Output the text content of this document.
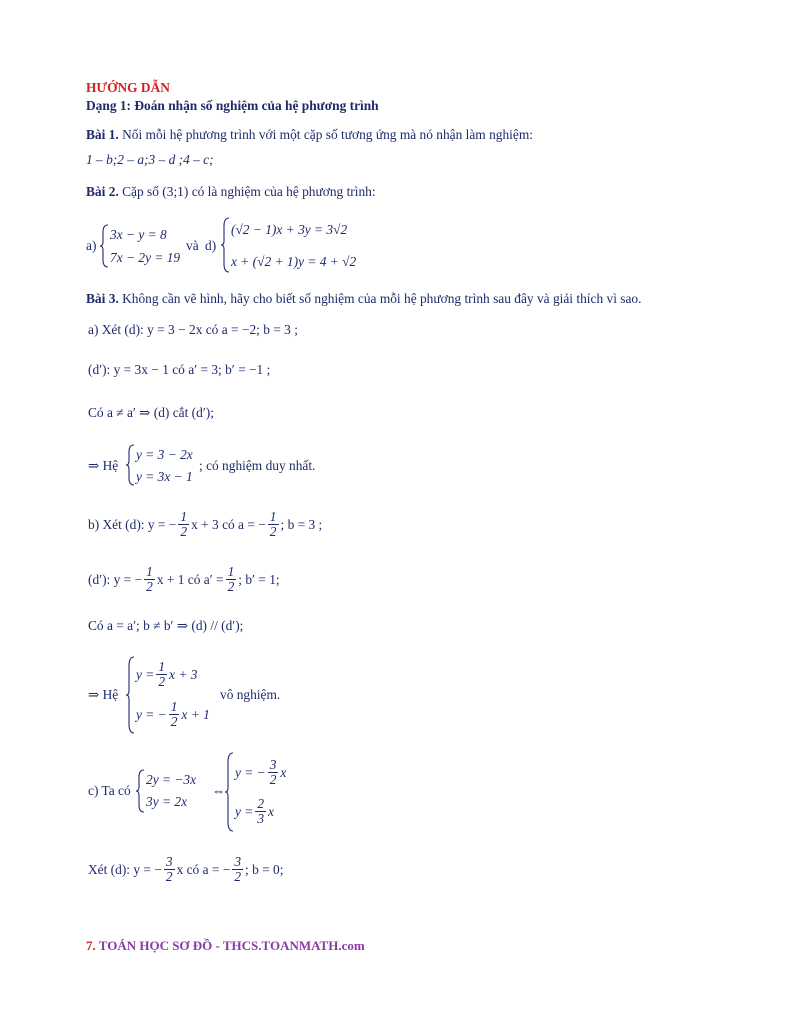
HƯỚNG DẪN
Dạng 1: Đoán nhận số nghiệm của hệ phương trình
Bài 1. Nối mỗi hệ phương trình với một cặp số tương ứng mà nó nhận làm nghiệm:
1 – b;2 – a;3 – d ;4 – c;
Bài 2. Cặp số (3;1) có là nghiệm của hệ phương trình:
a)
3x − y = 8
7x − 2y = 19
và d)
(√2 − 1)x + 3y = 3√2
x + (√2 + 1)y = 4 + √2
Bài 3. Không cần vẽ hình, hãy cho biết số nghiệm của mỗi hệ phương trình sau đây và giải thích vì sao.
a) Xét (d): y = 3 − 2x có a = −2; b = 3 ;
(d′): y = 3x − 1 có a′ = 3; b′ = −1 ;
Có a ≠ a′ ⇒ (d) cắt (d′);
⇒ Hệ
y = 3 − 2x
y = 3x − 1
; có nghiệm duy nhất.
b) Xét (d): y = − $\frac{1}{2}$ x + 3 có a = − $\frac{1}{2}$ ; b = 3 ;
(d′): y = − $\frac{1}{2}$ x + 1 có $a' = \frac{1}{2}$ ; b′ = 1;
Có a = a′; b ≠ b′ ⇒ (d) // (d′);
⇒ Hệ
$y = \frac{1}{2}$ x + 3
y = − $\frac{1}{2}$ x + 1
vô nghiệm.
c) Ta có
2y = −3x
3y = 2x
⇔
y = − $\frac{3}{2}$ x
$y = \frac{2}{3}$ x
Xét (d): y = − $\frac{3}{2}$ x có a = − $\frac{3}{2}$ ; b = 0;
7. TOÁN HỌC SƠ ĐỒ - THCS.TOANMATH.com
